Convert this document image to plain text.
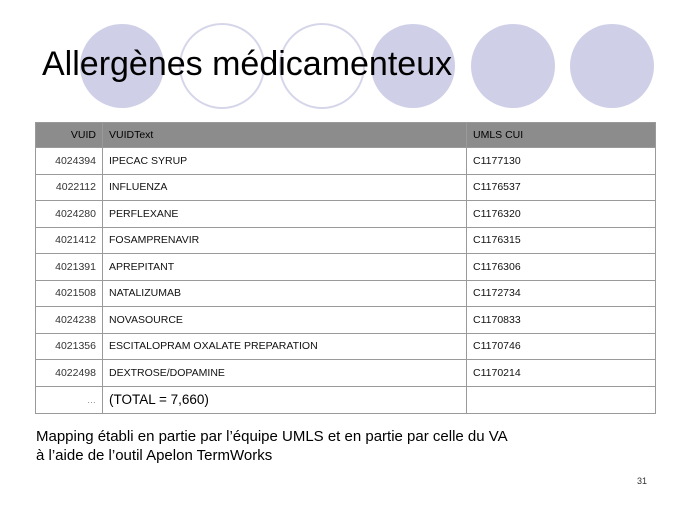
Allergènes médicamenteux
VUID	VUIDText	UMLS CUI
4024394	IPECAC SYRUP	C1177130
4022112	INFLUENZA	C1176537
4024280	PERFLEXANE	C1176320
4021412	FOSAMPRENAVIR	C1176315
4021391	APREPITANT	C1176306
4021508	NATALIZUMAB	C1172734
4024238	NOVASOURCE	C1170833
4021356	ESCITALOPRAM OXALATE PREPARATION	C1170746
4022498	DEXTROSE/DOPAMINE	C1170214
…	(TOTAL = 7,660)	
Mapping établi en partie par l’équipe UMLS et en partie par celle du VA
à l’aide de l’outil Apelon TermWorks
31
